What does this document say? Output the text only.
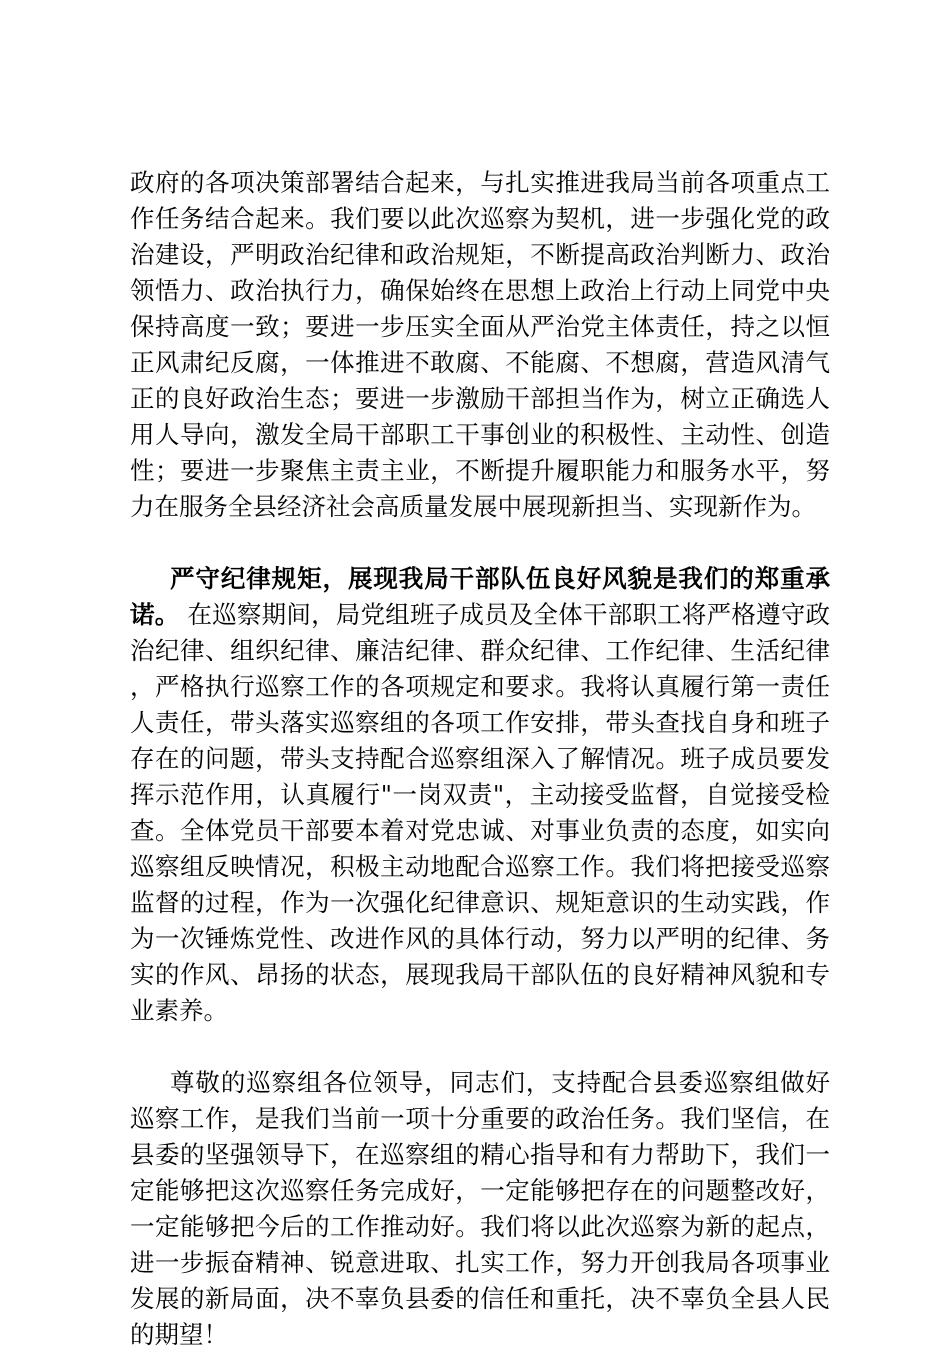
政府的各项决策部署结合起来，与扎实推进我局当前各项重点工作任务结合起来。我们要以此次巡察为契机，进一步强化党的政治建设，严明政治纪律和政治规矩，不断提高政治判断力、政治领悟力、政治执行力，确保始终在思想上政治上行动上同党中央保持高度一致；要进一步压实全面从严治党主体责任，持之以恒正风肃纪反腐，一体推进不敢腐、不能腐、不想腐，营造风清气正的良好政治生态；要进一步激励干部担当作为，树立正确选人用人导向，激发全局干部职工干事创业的积极性、主动性、创造性；要进一步聚焦主责主业，不断提升履职能力和服务水平，努力在服务全县经济社会高质量发展中展现新担当、实现新作为。

严守纪律规矩，展现我局干部队伍良好风貌是我们的郑重承诺。 在巡察期间，局党组班子成员及全体干部职工将严格遵守政治纪律、组织纪律、廉洁纪律、群众纪律、工作纪律、生活纪律，严格执行巡察工作的各项规定和要求。我将认真履行第一责任人责任，带头落实巡察组的各项工作安排，带头查找自身和班子存在的问题，带头支持配合巡察组深入了解情况。班子成员要发挥示范作用，认真履行"一岗双责"，主动接受监督，自觉接受检查。全体党员干部要本着对党忠诚、对事业负责的态度，如实向巡察组反映情况，积极主动地配合巡察工作。我们将把接受巡察监督的过程，作为一次强化纪律意识、规矩意识的生动实践，作为一次锤炼党性、改进作风的具体行动，努力以严明的纪律、务实的作风、昂扬的状态，展现我局干部队伍的良好精神风貌和专业素养。

尊敬的巡察组各位领导，同志们，支持配合县委巡察组做好巡察工作，是我们当前一项十分重要的政治任务。我们坚信，在县委的坚强领导下，在巡察组的精心指导和有力帮助下，我们一定能够把这次巡察任务完成好，一定能够把存在的问题整改好，一定能够把今后的工作推动好。我们将以此次巡察为新的起点，进一步振奋精神、锐意进取、扎实工作，努力开创我局各项事业发展的新局面，决不辜负县委的信任和重托，决不辜负全县人民的期望！
